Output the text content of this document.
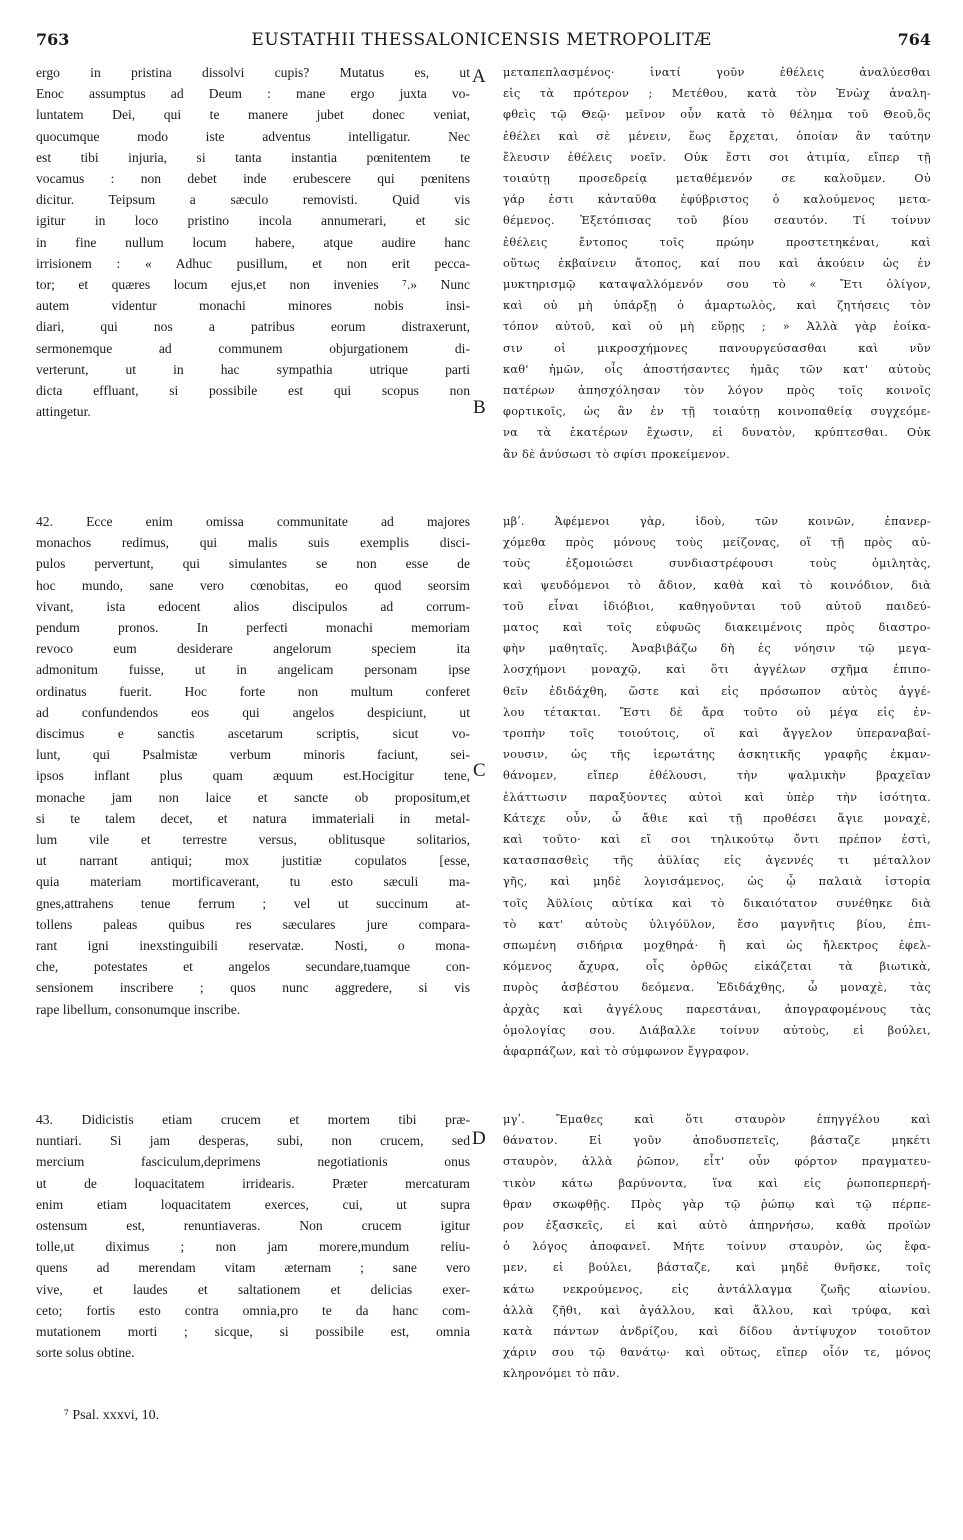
763	EUSTATHII THESSALONICENSIS METROPOLITÆ	764
ergo in pristina dissolvi cupis? Mutatus es, ut
Enoc assumptus ad Deum : mane ergo juxta vo-
luntatem Dei, qui te manere jubet donec veniat,
quocumque modo iste adventus intelligatur. Nec
est tibi injuria, si tanta instantia pœnitentem te
vocamus : non debet inde erubescere qui pœnitens
dicitur. Teipsum a sæculo removisti. Quid vis
igitur in loco pristino incola annumerari, et sic
in fine nullum locum habere, atque audire hanc
irrisionem : « Adhuc pusillum, et non erit pecca-
tor; et quæres locum ejus,et non invenies ⁷.» Nunc
autem videntur monachi minores nobis insi-
diari, qui nos a patribus eorum distraxerunt,
sermonemque ad communem objurgationem di-
verterunt, ut in hac sympathia utrique parti
dicta effluant, si possibile est qui scopus non
attingetur.
42. Ecce enim omissa communitate ad majores
monachos redimus, qui malis suis exemplis disci-
pulos pervertunt, qui simulantes se non esse de
hoc mundo, sane vero cœnobitas, eo quod seorsim
vivant, ista edocent alios discipulos ad corrum-
pendum pronos. In perfecti monachi memoriam
revoco eum desiderare angelorum speciem ita
admonitum fuisse, ut in angelicam personam ipse
ordinatus fuerit. Hoc forte non multum conferet
ad confundendos eos qui angelos despiciunt, ut
discimus e sanctis ascetarum scriptis, sicut vo-
lunt, qui Psalmistæ verbum minoris faciunt, sei-
ipsos inflant plus quam æquum est.Hocigitur tene,
monache jam non laice et sancte ob propositum,et
si te talem decet, et natura immateriali in metal-
lum vile et terrestre versus, oblitusque solitarios,
ut narrant antiqui; mox justitiæ copulatos [esse,
quia materiam mortificaverant, tu esto sæculi ma-
gnes,attrahens tenue ferrum ; vel ut succinum at-
tollens paleas quibus res sæculares jure compara-
rant igni inexstinguibili reservatæ. Nosti, o mona-
che, potestates et angelos secundare,tuamque con-
sensionem inscribere ; quos nunc aggredere, si vis
rape libellum, consonumque inscribe.
43. Didicistis etiam crucem et mortem tibi præ-
nuntiari. Si jam desperas, subi, non crucem, sed
mercium fasciculum,deprimens negotiationis onus
ut de loquacitatem irridearis. Præter mercaturam
enim etiam loquacitatem exerces, cui, ut supra
ostensum est, renuntiaveras. Non crucem igitur
tolle,ut diximus ; non jam morere,mundum reliu-
quens ad merendam vitam æternam ; sane vero
vive, et laudes et saltationem et delicias exer-
ceto; fortis esto contra omnia,pro te da hanc com-
mutationem morti ; sicque, si possibile est, omnia
sorte solus obtine.
A
B
C
D
μεταπεπλασμένος· ἱνατί γοῦν ἐθέλεις ἀναλύεσθαι
εἰς τὰ πρότερον ; Μετέθου, κατὰ τὸν Ἐνὼχ ἀναλη-
φθεὶς τῷ Θεῷ· μεῖνον οὖν κατὰ τὸ θέλημα τοῦ Θεοῦ,ὃς
ἐθέλει καὶ σὲ μένειν, ἕως ἔρχεται, ὁποίαν ἂν ταύτην
ἔλευσιν ἐθέλεις νοεῖν. Οὐκ ἔστι σοι ἀτιμία, εἴπερ τῇ
τοιαύτῃ προσεδρείᾳ μεταθέμενόν σε καλοῦμεν. Οὐ
γάρ ἐστι κἀνταῦθα ἐφύβριστος ὁ καλούμενος μετα-
θέμενος. Ἐξετόπισας τοῦ βίου σεαυτόν. Τί τοίνυν
ἐθέλεις ἔντοπος τοῖς πρώην προστετηκέναι, καὶ
οὕτως ἐκβαίνειν ἄτοπος, καί που καὶ ἀκούειν ὡς ἐν
μυκτηρισμῷ καταψαλλόμενόν σου τὸ « Ἔτι ὀλίγον,
καὶ οὐ μὴ ὑπάρξῃ ὁ ἁμαρτωλὸς, καὶ ζητήσεις τὸν
τόπον αὐτοῦ, καὶ οὐ μὴ εὕρῃς ; » Ἀλλὰ γὰρ ἐοίκα-
σιν οἱ μικροσχήμονες πανουργεύσασθαι καὶ νῦν
καθ' ἡμῶν, οἷς ἀποστήσαντες ἡμᾶς τῶν κατ' αὐτοὺς
πατέρων ἀπησχόλησαν τὸν λόγον πρὸς τοῖς κοινοῖς
φορτικοῖς, ὡς ἂν ἐν τῇ τοιαύτῃ κοινοπαθείᾳ συγχεόμε-
να τὰ ἑκατέρων ἔχωσιν, εἰ δυνατὸν, κρύπτεσθαι. Οὐκ
ἂν δὲ ἀνύσωσι τὸ σφίσι προκείμενον.
μβʹ. Ἀφέμενοι γὰρ, ἰδοὺ, τῶν κοινῶν, ἐπανερ-
χόμεθα πρὸς μόνους τοὺς μείζονας, οἵ τῇ πρὸς αὐ-
τοὺς ἐξομοιώσει συνδιαστρέφουσι τοὺς ὁμιλητὰς,
καὶ ψευδόμενοι τὸ ἄδιον, καθὰ καὶ τὸ κοινόδιον, διὰ
τοῦ εἶναι ἰδιόβιοι, καθηγοῦνται τοῦ αὐτοῦ παιδεύ-
ματος καὶ τοῖς εὐφυῶς διακειμένοις πρὸς διαστρο-
φὴν μαθηταῖς. Ἀναβιβάζω δὴ ἐς νόησιν τῷ μεγα-
λοσχήμονι μοναχῷ, καὶ ὅτι ἀγγέλων σχῆμα ἐπιπο-
θεῖν ἐδιδάχθη, ὥστε καὶ εἰς πρόσωπον αὐτὸς ἀγγέ-
λου τέτακται. Ἔστι δὲ ἄρα τοῦτο οὐ μέγα εἰς ἐν-
τροπὴν τοῖς τοιούτοις, οἵ καὶ ἄγγελον ὑπεραναβαί-
νουσιν, ὡς τῆς ἱερωτάτης ἀσκητικῆς γραφῆς ἐκμαν-
θάνομεν, εἴπερ ἐθέλουσι, τὴν ψαλμικὴν βραχεῖαν
ἐλάττωσιν παραξύοντες αὐτοὶ καὶ ὑπὲρ τὴν ἰσότητα.
Κάτεχε οὖν, ὦ ἄθιε καὶ τῇ προθέσει ἅγιε μοναχὲ,
καὶ τοῦτο· καὶ εἴ σοι τηλικούτῳ ὄντι πρέπον ἐστὶ,
κατασπασθεὶς τῆς ἀϋλίας εἰς ἀγεννές τι μέταλλον
γῆς, καὶ μηδὲ λογισάμενος, ὡς ᾧ παλαιὰ ἱστορία
τοῖς Ἀϋλίοις αὐτίκα καὶ τὸ δικαιότατον συνέθηκε διὰ
τὸ κατ' αὐτοὺς ὑλιγόϋλον, ἔσο μαγνῆτις βίου, ἐπι-
σπωμένη σιδήρια μοχθηρά· ἢ καὶ ὡς ἤλεκτρος ἐφελ-
κόμενος ἄχυρα, οἷς ὀρθῶς εἰκάζεται τὰ βιωτικὰ,
πυρὸς ἀσβέστου δεόμενα. Ἐδιδάχθης, ὦ μοναχὲ, τὰς
ἀρχὰς καὶ ἀγγέλους παρεστάναι, ἀπογραφομένους τὰς
ὁμολογίας σου. Διάβαλλε τοίνυν αὐτοὺς, εἰ βούλει,
ἀφαρπάζων, καὶ τὸ σύμφωνον ἔγγραφον.
μγʹ. Ἔμαθες καὶ ὅτι σταυρὸν ἐπηγγέλου καὶ
θάνατον. Εἰ γοῦν ἀποδυσπετεῖς, βάσταζε μηκέτι
σταυρὸν, ἀλλὰ ῥῶπον, εἶτ' οὖν φόρτον πραγματευ-
τικὸν κάτω βαρύνοντα, ἵνα καὶ εἰς ῥωποπερπερή-
θραν σκωφθῇς. Πρὸς γὰρ τῷ ῥώπῳ καὶ τῷ πέρπε-
ρον ἐξασκεῖς, εἰ καὶ αὐτὸ ἀπηρνήσω, καθὰ προϊὼν
ὁ λόγος ἀποφανεῖ. Μήτε τοίνυν σταυρὸν, ὡς ἔφα-
μεν, εἰ βούλει, βάσταζε, καὶ μηδὲ θνῆσκε, τοῖς
κάτω νεκρούμενος, εἰς ἀντάλλαγμα ζωῆς αἰωνίου.
ἀλλὰ ζῆθι, καὶ ἀγάλλου, καὶ ἄλλου, καὶ τρύφα, καὶ
κατὰ πάντων ἀνδρίζου, καὶ δίδου ἀντίψυχον τοιοῦτον
χάριν σου τῷ θανάτῳ· καὶ οὕτως, εἴπερ οἷόν τε, μόνος
κληρονόμει τὸ πᾶν.
⁷ Psal. xxxvi, 10.
